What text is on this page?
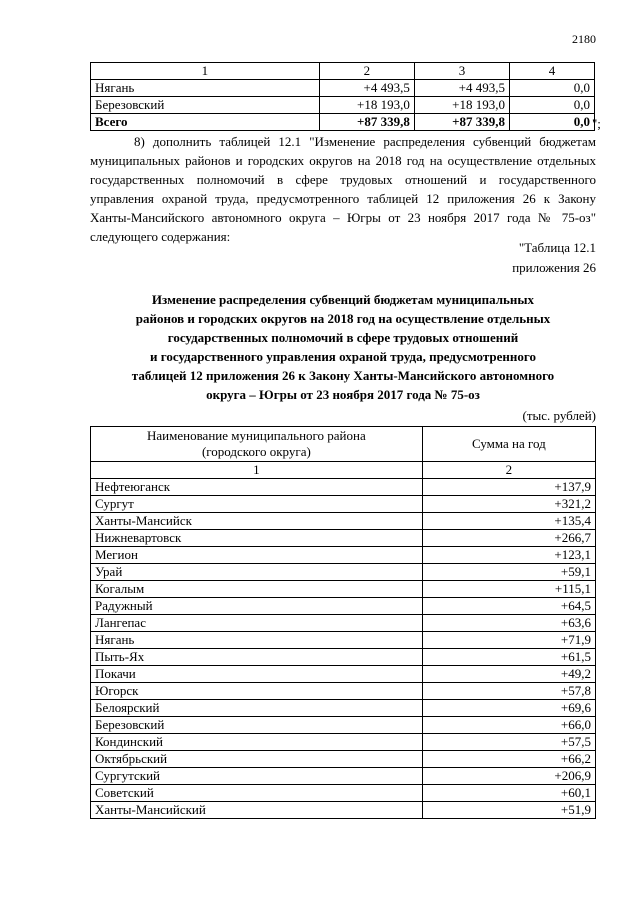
2180
1	2	3	4
Нягань	+4 493,5	+4 493,5	0,0
Березовский	+18 193,0	+18 193,0	0,0
Всего	+87 339,8	+87 339,8	0,0 ";

8) дополнить таблицей 12.1 "Изменение распределения субвенций бюджетам муниципальных районов и городских округов на 2018 год на осуществление отдельных государственных полномочий в сфере трудовых отношений и государственного управления охраной труда, предусмотренного таблицей 12 приложения 26 к Закону Ханты-Мансийского автономного округа – Югры от 23 ноября 2017 года № 75-оз" следующего содержания:

"Таблица 12.1
приложения 26
Изменение распределения субвенций бюджетам муниципальных
районов и городских округов на 2018 год на осуществление отдельных
государственных полномочий в сфере трудовых отношений
и государственного управления охраной труда, предусмотренного
таблицей 12 приложения 26 к Закону Ханты-Мансийского автономного
округа – Югры от 23 ноября 2017 года № 75-оз
(тыс. рублей)
Наименование муниципального района
(городского округа)	Сумма на год
1	2
Нефтеюганск	+137,9
Сургут	+321,2
Ханты-Мансийск	+135,4
Нижневартовск	+266,7
Мегион	+123,1
Урай	+59,1
Когалым	+115,1
Радужный	+64,5
Лангепас	+63,6
Нягань	+71,9
Пыть-Ях	+61,5
Покачи	+49,2
Югорск	+57,8
Белоярский	+69,6
Березовский	+66,0
Кондинский	+57,5
Октябрьский	+66,2
Сургутский	+206,9
Советский	+60,1
Ханты-Мансийский	+51,9
